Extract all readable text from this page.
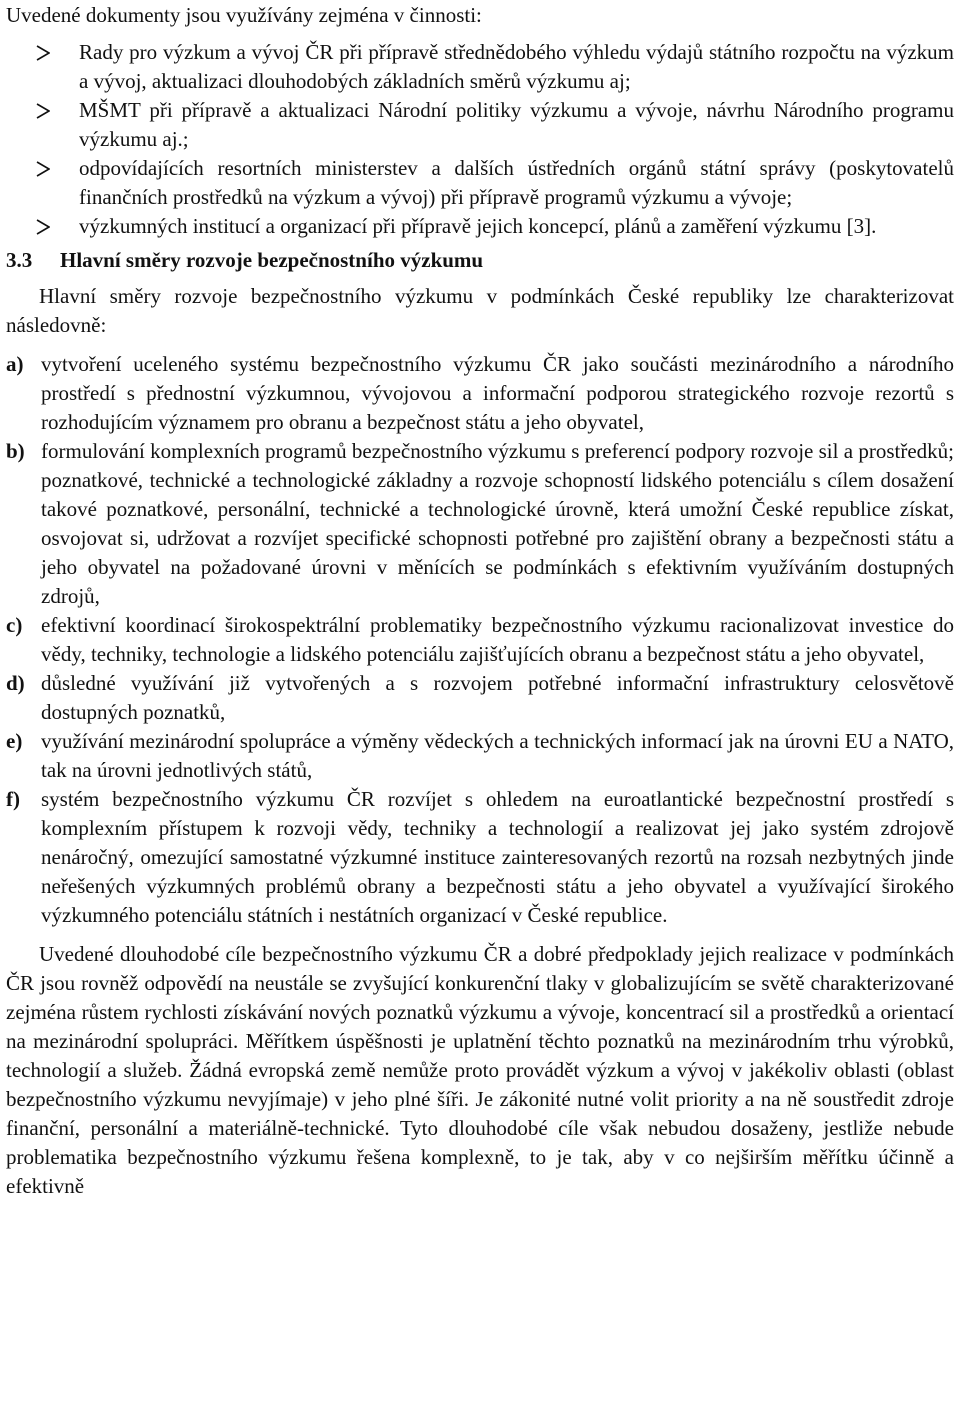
Uvedené dokumenty jsou využívány zejména v činnosti:

Rady pro výzkum a vývoj ČR při přípravě střednědobého výhledu výdajů státního rozpočtu na výzkum a vývoj, aktualizaci dlouhodobých základních směrů výzkumu aj;
MŠMT při přípravě a aktualizaci Národní politiky výzkumu a vývoje, návrhu Národního programu výzkumu aj.;
odpovídajících resortních ministerstev a dalších ústředních orgánů státní správy (poskytovatelů finančních prostředků na výzkum a vývoj) při přípravě programů výzkumu a vývoje;
výzkumných institucí a organizací při přípravě jejich koncepcí, plánů a zaměření výzkumu [3].
3.3 Hlavní směry rozvoje bezpečnostního výzkumu

Hlavní směry rozvoje bezpečnostního výzkumu v podmínkách České republiky lze charakterizovat následovně:

a) vytvoření uceleného systému bezpečnostního výzkumu ČR jako součásti mezinárodního a národního prostředí s přednostní výzkumnou, vývojovou a informační podporou strategického rozvoje rezortů s rozhodujícím významem pro obranu a bezpečnost státu a jeho obyvatel,
b) formulování komplexních programů bezpečnostního výzkumu s preferencí podpory rozvoje sil a prostředků; poznatkové, technické a technologické základny a rozvoje schopností lidského potenciálu s cílem dosažení takové poznatkové, personální, technické a technologické úrovně, která umožní České republice získat, osvojovat si, udržovat a rozvíjet specifické schopnosti potřebné pro zajištění obrany a bezpečnosti státu a jeho obyvatel na požadované úrovni v měnících se podmínkách s efektivním využíváním dostupných zdrojů,
c) efektivní koordinací širokospektrální problematiky bezpečnostního výzkumu racionalizovat investice do vědy, techniky, technologie a lidského potenciálu zajišťujících obranu a bezpečnost státu a jeho obyvatel,
d) důsledné využívání již vytvořených a s rozvojem potřebné informační infrastruktury celosvětově dostupných poznatků,
e) využívání mezinárodní spolupráce a výměny vědeckých a technických informací jak na úrovni EU a NATO, tak na úrovni jednotlivých států,
f) systém bezpečnostního výzkumu ČR rozvíjet s ohledem na euroatlantické bezpečnostní prostředí s komplexním přístupem k rozvoji vědy, techniky a technologií a realizovat jej jako systém zdrojově nenáročný, omezující samostatné výzkumné instituce zainteresovaných rezortů na rozsah nezbytných jinde neřešených výzkumných problémů obrany a bezpečnosti státu a jeho obyvatel a využívající širokého výzkumného potenciálu státních i nestátních organizací v České republice.

Uvedené dlouhodobé cíle bezpečnostního výzkumu ČR a dobré předpoklady jejich realizace v podmínkách ČR jsou rovněž odpovědí na neustále se zvyšující konkurenční tlaky v globalizujícím se světě charakterizované zejména růstem rychlosti získávání nových poznatků výzkumu a vývoje, koncentrací sil a prostředků a orientací na mezinárodní spolupráci. Měřítkem úspěšnosti je uplatnění těchto poznatků na mezinárodním trhu výrobků, technologií a služeb. Žádná evropská země nemůže proto provádět výzkum a vývoj v jakékoliv oblasti (oblast bezpečnostního výzkumu nevyjímaje) v jeho plné šíři. Je zákonité nutné volit priority a na ně soustředit zdroje finanční, personální a materiálně-technické. Tyto dlouhodobé cíle však nebudou dosaženy, jestliže nebude problematika bezpečnostního výzkumu řešena komplexně, to je tak, aby v co nejširším měřítku účinně a efektivně
